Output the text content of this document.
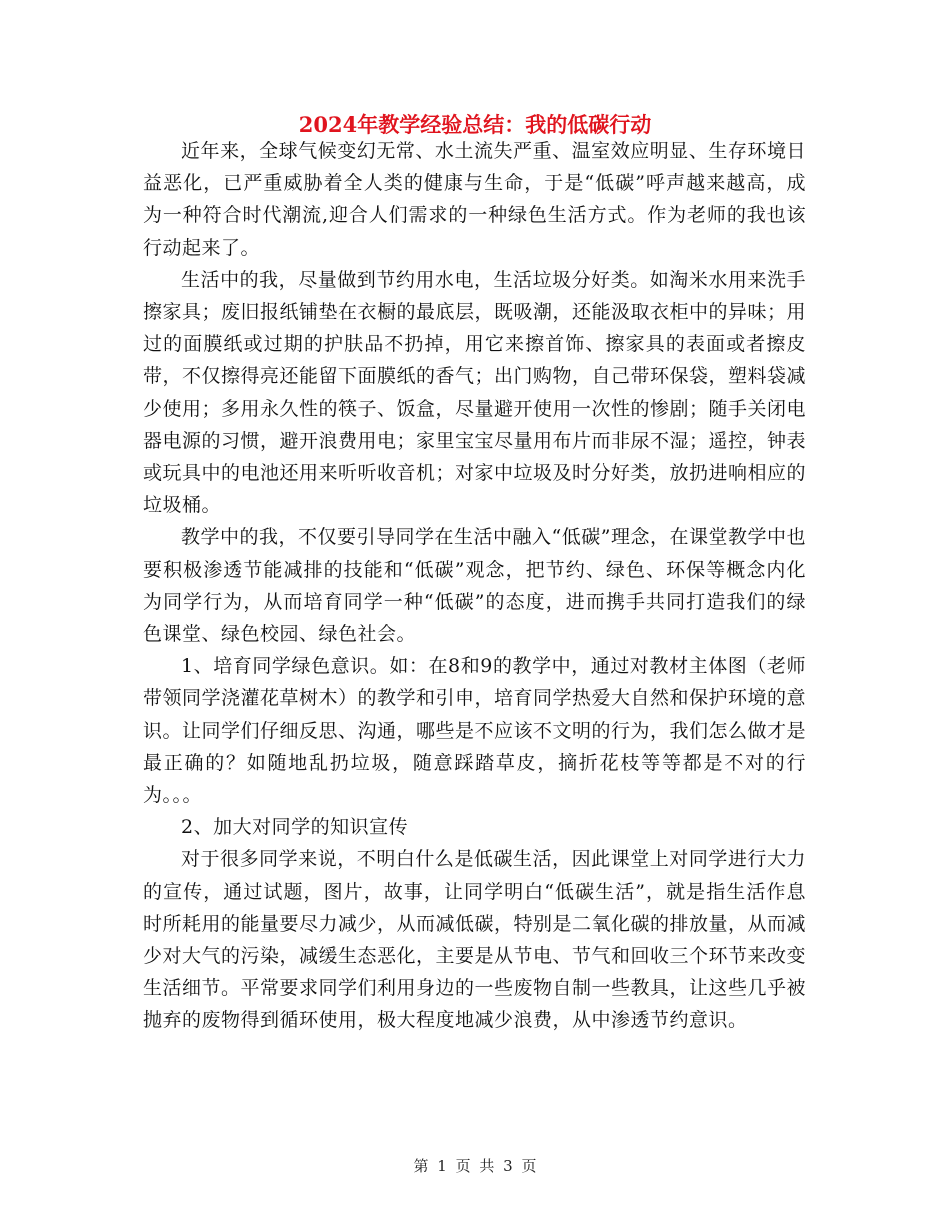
2024年教学经验总结：我的低碳行动

近年来，全球气候变幻无常、水土流失严重、温室效应明显、生存环境日益恶化，已严重威胁着全人类的健康与生命，于是“低碳”呼声越来越高，成为一种符合时代潮流,迎合人们需求的一种绿色生活方式。作为老师的我也该行动起来了。

生活中的我，尽量做到节约用水电，生活垃圾分好类。如淘米水用来洗手擦家具；废旧报纸铺垫在衣橱的最底层，既吸潮，还能汲取衣柜中的异味；用过的面膜纸或过期的护肤品不扔掉，用它来擦首饰、擦家具的表面或者擦皮带，不仅擦得亮还能留下面膜纸的香气；出门购物，自己带环保袋，塑料袋减少使用；多用永久性的筷子、饭盒，尽量避开使用一次性的惨剧；随手关闭电器电源的习惯，避开浪费用电；家里宝宝尽量用布片而非尿不湿；遥控，钟表或玩具中的电池还用来听听收音机；对家中垃圾及时分好类，放扔进响相应的垃圾桶。

教学中的我，不仅要引导同学在生活中融入“低碳”理念，在课堂教学中也要积极渗透节能减排的技能和“低碳”观念，把节约、绿色、环保等概念内化为同学行为，从而培育同学一种“低碳”的态度，进而携手共同打造我们的绿色课堂、绿色校园、绿色社会。

1、培育同学绿色意识。如：在8和9的教学中，通过对教材主体图（老师带领同学浇灌花草树木）的教学和引申，培育同学热爱大自然和保护环境的意识。让同学们仔细反思、沟通，哪些是不应该不文明的行为，我们怎么做才是最正确的？如随地乱扔垃圾，随意踩踏草皮，摘折花枝等等都是不对的行为。。。

2、加大对同学的知识宣传

对于很多同学来说，不明白什么是低碳生活，因此课堂上对同学进行大力的宣传，通过试题，图片，故事，让同学明白“低碳生活”，就是指生活作息时所耗用的能量要尽力减少，从而减低碳，特别是二氧化碳的排放量，从而减少对大气的污染，减缓生态恶化，主要是从节电、节气和回收三个环节来改变生活细节。平常要求同学们利用身边的一些废物自制一些教具，让这些几乎被抛弃的废物得到循环使用，极大程度地减少浪费，从中渗透节约意识。

第 1 页 共 3 页
